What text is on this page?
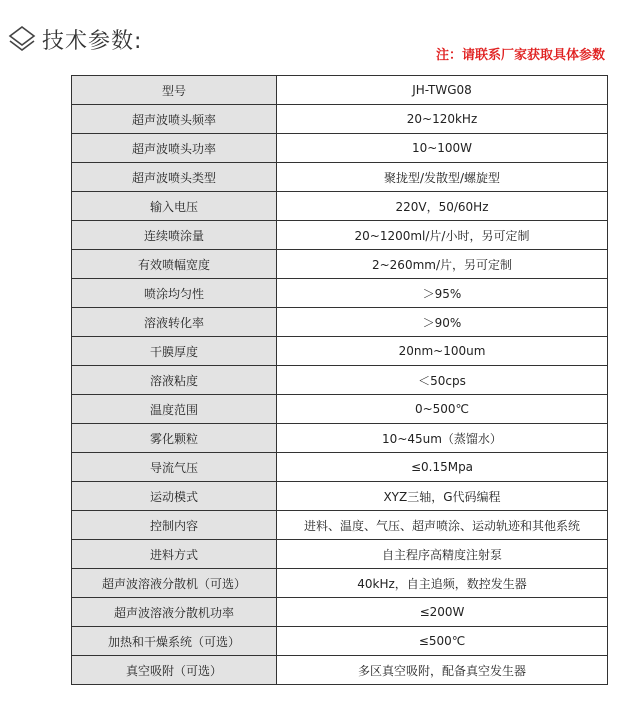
技术参数:
注：请联系厂家获取具体参数
型号	JH-TWG08
超声波喷头频率	20~120kHz
超声波喷头功率	10~100W
超声波喷头类型	聚拢型/发散型/螺旋型
输入电压	220V，50/60Hz
连续喷涂量	20~1200ml/片/小时，另可定制
有效喷幅宽度	2~260mm/片，另可定制
喷涂均匀性	＞95%
溶液转化率	＞90%
干膜厚度	20nm~100um
溶液粘度	＜50cps
温度范围	0~500℃
雾化颗粒	10~45um（蒸馏水）
导流气压	≤0.15Mpa
运动模式	XYZ三轴，G代码编程
控制内容	进料、温度、气压、超声喷涂、运动轨迹和其他系统
进料方式	自主程序高精度注射泵
超声波溶液分散机（可选）	40kHz，自主追频，数控发生器
超声波溶液分散机功率	≤200W
加热和干燥系统（可选）	≤500℃
真空吸附（可选）	多区真空吸附，配备真空发生器
